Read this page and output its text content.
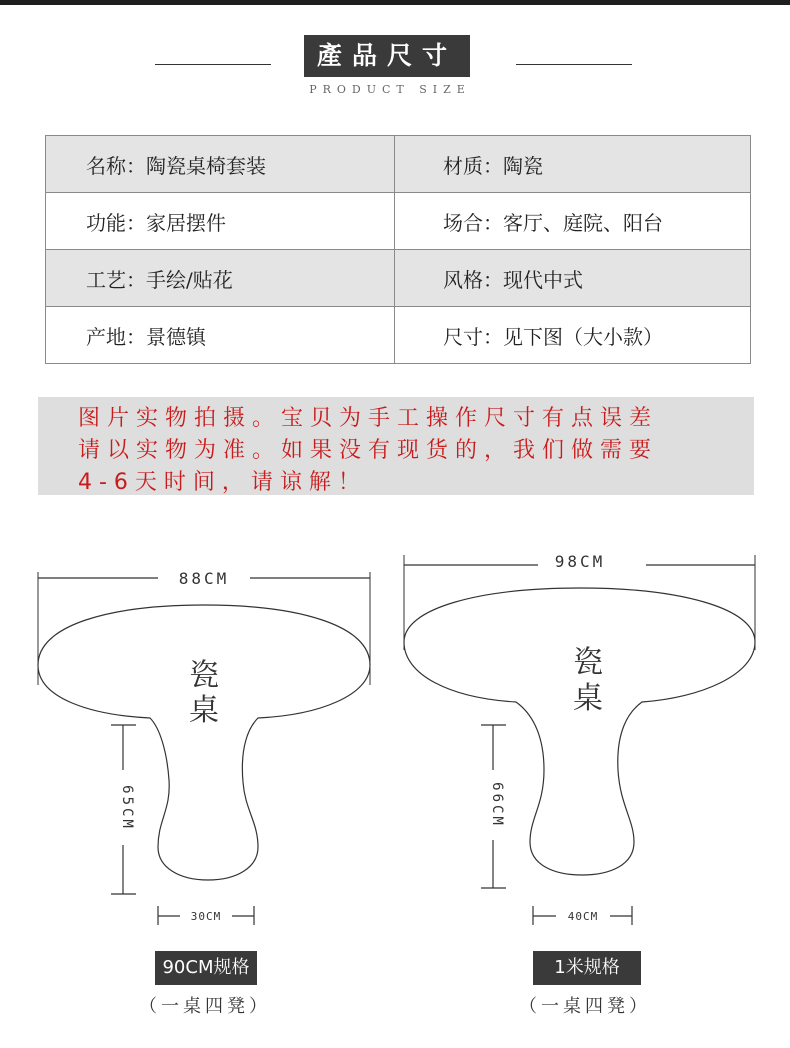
產品尺寸
PRODUCT SIZE
名称：陶瓷桌椅套装	材质：陶瓷
功能：家居摆件	场合：客厅、庭院、阳台
工艺：手绘/贴花	风格：现代中式
产地：景德镇	尺寸：见下图（大小款）

图片实物拍摄。宝贝为手工操作尺寸有点误差

请以实物为准。如果没有现货的，我们做需要

4-6天时间，请谅解！

88CM
瓷
桌
65CM
30CM
98CM
瓷
桌
66CM
40CM
90CM规格	1米规格
（一桌四凳）	（一桌四凳）
